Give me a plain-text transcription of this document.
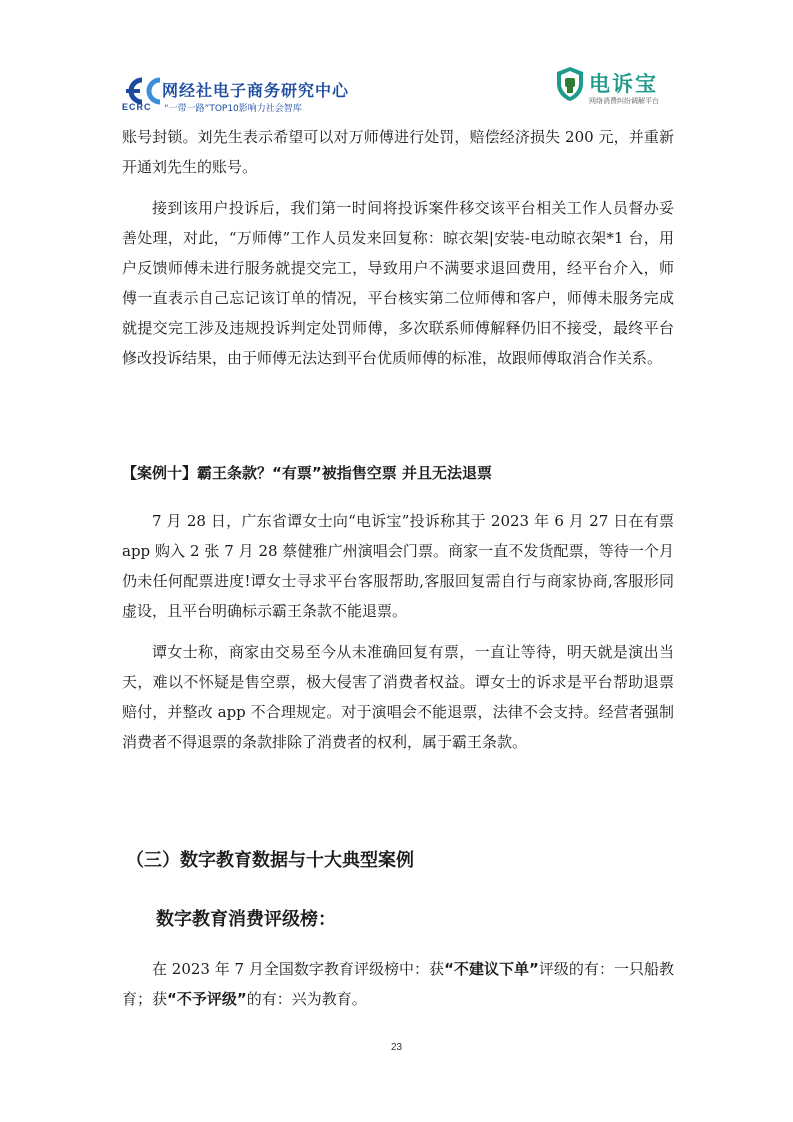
ECRC
网经社电子商务研究中心
“一带一路”TOP10影响力社会智库
电诉宝
网络消费纠纷调解平台

账号封锁。刘先生表示希望可以对万师傅进行处罚，赔偿经济损失 200 元，并重新开通刘先生的账号。

接到该用户投诉后，我们第一时间将投诉案件移交该平台相关工作人员督办妥善处理，对此，“万师傅”工作人员发来回复称：晾衣架|安装-电动晾衣架*1 台，用户反馈师傅未进行服务就提交完工，导致用户不满要求退回费用，经平台介入，师傅一直表示自己忘记该订单的情况，平台核实第二位师傅和客户，师傅未服务完成就提交完工涉及违规投诉判定处罚师傅，多次联系师傅解释仍旧不接受，最终平台修改投诉结果，由于师傅无法达到平台优质师傅的标准，故跟师傅取消合作关系。

【案例十】霸王条款？“有票”被指售空票 并且无法退票

7 月 28 日，广东省谭女士向“电诉宝”投诉称其于 2023 年 6 月 27 日在有票 app 购入 2 张 7 月 28 蔡健雅广州演唱会门票。商家一直不发货配票，等待一个月仍未任何配票进度!谭女士寻求平台客服帮助,客服回复需自行与商家协商,客服形同虚设，且平台明确标示霸王条款不能退票。

谭女士称，商家由交易至今从未准确回复有票，一直让等待，明天就是演出当天，难以不怀疑是售空票，极大侵害了消费者权益。谭女士的诉求是平台帮助退票赔付，并整改 app 不合理规定。对于演唱会不能退票，法律不会支持。经营者强制消费者不得退票的条款排除了消费者的权利，属于霸王条款。

（三）数字教育数据与十大典型案例
数字教育消费评级榜：

在 2023 年 7 月全国数字教育评级榜中：获“不建议下单”评级的有：一只船教育；获“不予评级”的有：兴为教育。

23
